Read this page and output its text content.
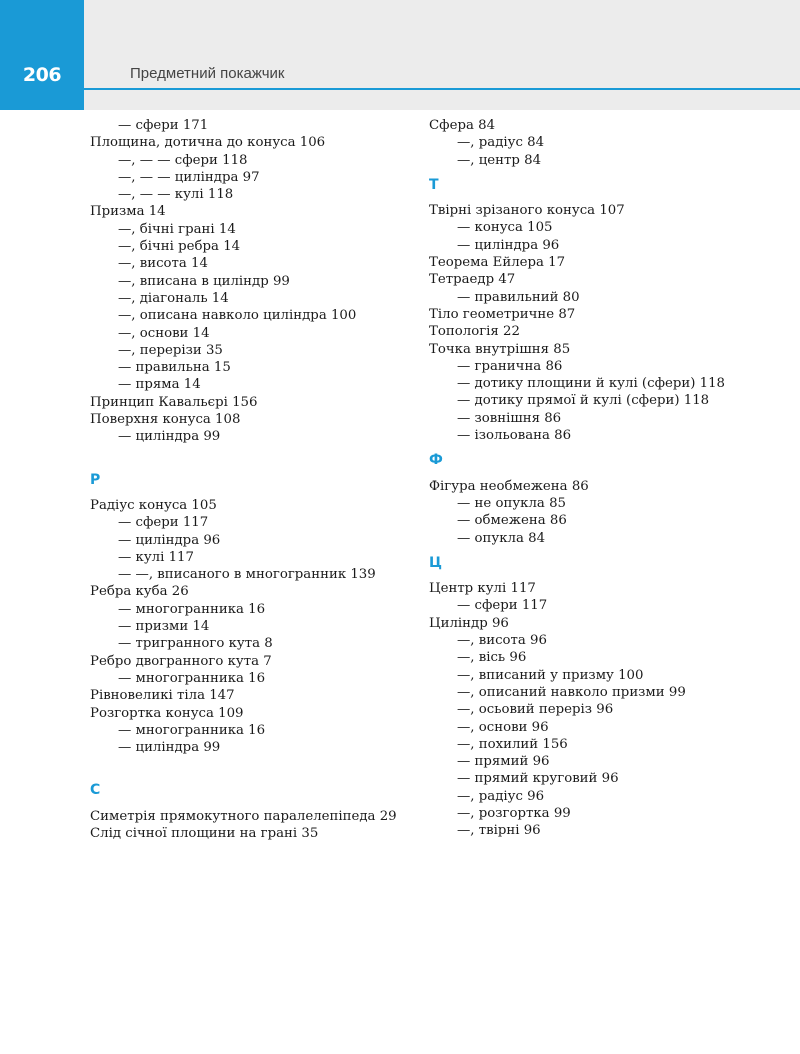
206	Предметний покажчик
— сфери 171
Площина, дотична до конуса 106
—, — — сфери 118
—, — — циліндра 97
—, — — кулі 118
Призма 14
—, бічні грані 14
—, бічні ребра 14
—, висота 14
—, вписана в циліндр 99
—, діагональ 14
—, описана навколо циліндра 100
—, основи 14
—, перерізи 35
— правильна 15
— пряма 14
Принцип Кавальєрі 156
Поверхня конуса 108
— циліндра 99
Р
Радіус конуса 105
— сфери 117
— циліндра 96
— кулі 117
— —, вписаного в многогранник 139
Ребра куба 26
— многогранника 16
— призми 14
— тригранного кута 8
Ребро двогранного кута 7
— многогранника 16
Рівновеликі тіла 147
Розгортка конуса 109
— многогранника 16
— циліндра 99
С
Симетрія прямокутного паралелепіпеда 29
Слід січної площини на грані 35
Сфера 84
—, радіус 84
—, центр 84
Т
Твірні зрізаного конуса 107
— конуса 105
— циліндра 96
Теорема Ейлера 17
Тетраедр 47
— правильний 80
Тіло геометричне 87
Топологія 22
Точка внутрішня 85
— гранична 86
— дотику площини й кулі (сфери) 118
— дотику прямої й кулі (сфери) 118
— зовнішня 86
— ізольована 86
Ф
Фігура необмежена 86
— не опукла 85
— обмежена 86
— опукла 84
Ц
Центр кулі 117
— сфери 117
Циліндр 96
—, висота 96
—, вісь 96
—, вписаний у призму 100
—, описаний навколо призми 99
—, осьовий переріз 96
—, основи 96
—, похилий 156
— прямий 96
— прямий круговий 96
—, радіус 96
—, розгортка 99
—, твірні 96
